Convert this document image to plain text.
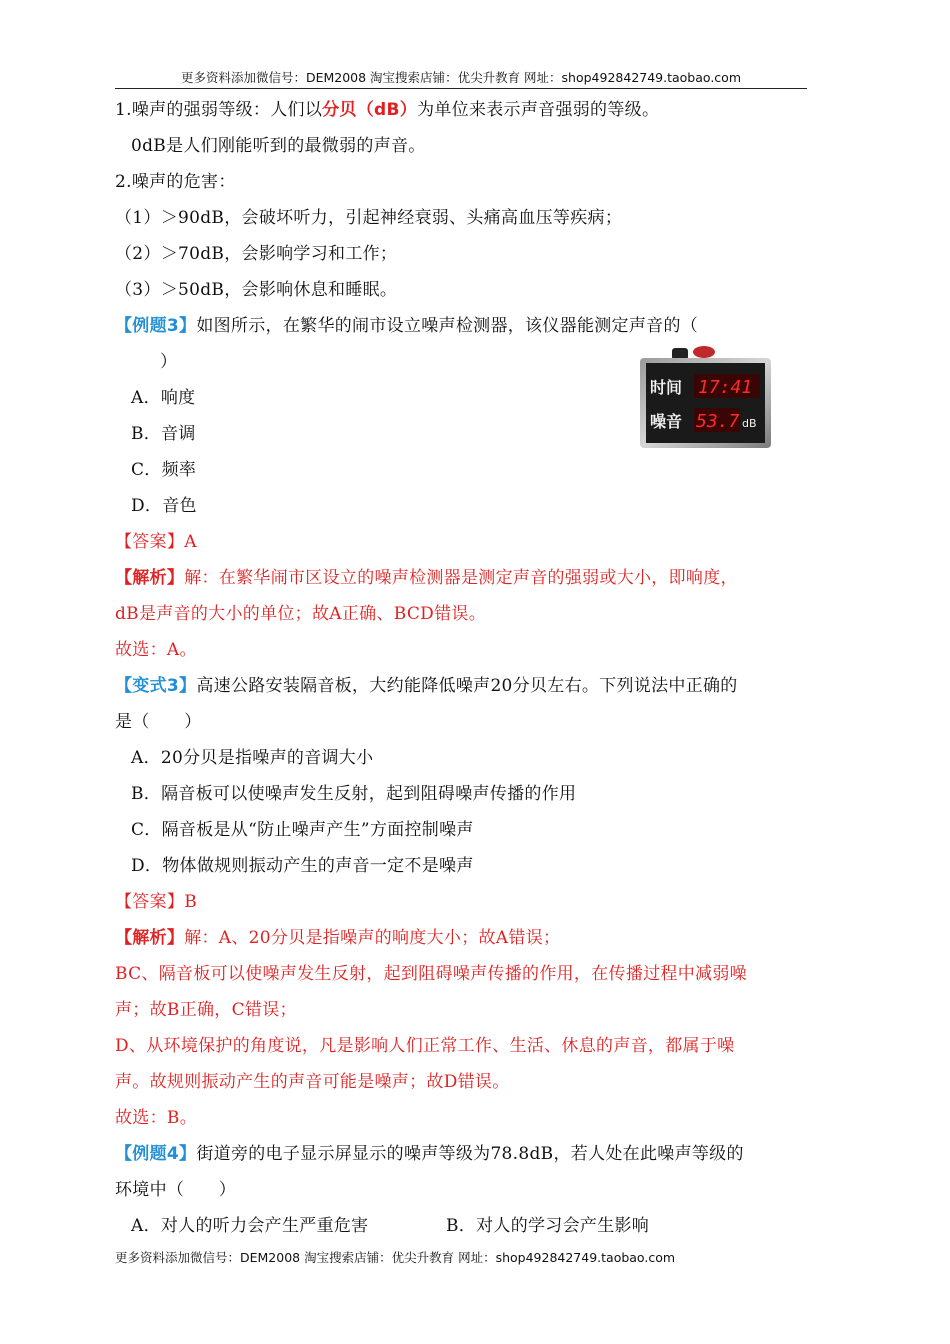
更多资料添加微信号：DEM2008 淘宝搜索店铺：优尖升教育 网址：shop492842749.taobao.com
1.噪声的强弱等级：人们以分贝（dB）为单位来表示声音强弱的等级。
0dB是人们刚能听到的最微弱的声音。
2.噪声的危害：
（1）＞90dB，会破坏听力，引起神经衰弱、头痛高血压等疾病；
（2）＞70dB，会影响学习和工作；
（3）＞50dB，会影响休息和睡眠。
【例题3】如图所示，在繁华的闹市设立噪声检测器，该仪器能测定声音的（
）
A．响度
B．音调
C．频率
D．音色
时间 17:41
噪音 53.7 dB
【答案】A
【解析】解：在繁华闹市区设立的噪声检测器是测定声音的强弱或大小，即响度，
dB是声音的大小的单位；故A正确、BCD错误。
故选：A。
【变式3】高速公路安装隔音板，大约能降低噪声20分贝左右。下列说法中正确的
是（　　）
A．20分贝是指噪声的音调大小
B．隔音板可以使噪声发生反射，起到阻碍噪声传播的作用
C．隔音板是从“防止噪声产生”方面控制噪声
D．物体做规则振动产生的声音一定不是噪声
【答案】B
【解析】解：A、20分贝是指噪声的响度大小；故A错误；
BC、隔音板可以使噪声发生反射，起到阻碍噪声传播的作用，在传播过程中减弱噪
声；故B正确，C错误；
D、从环境保护的角度说，凡是影响人们正常工作、生活、休息的声音，都属于噪
声。故规则振动产生的声音可能是噪声；故D错误。
故选：B。
【例题4】街道旁的电子显示屏显示的噪声等级为78.8dB，若人处在此噪声等级的
环境中（　　）
A．对人的听力会产生严重危害	B．对人的学习会产生影响
更多资料添加微信号：DEM2008 淘宝搜索店铺：优尖升教育 网址：shop492842749.taobao.com
